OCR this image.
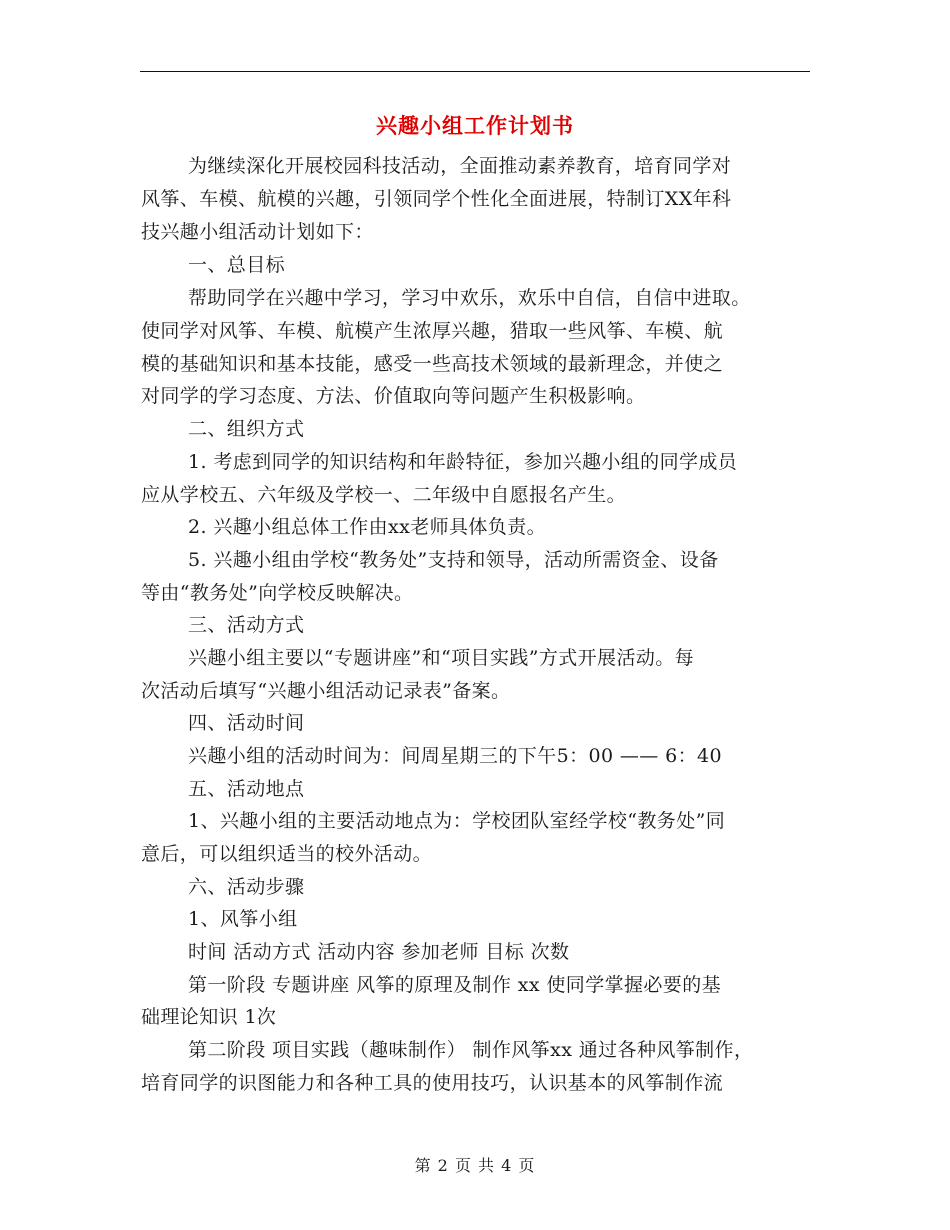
兴趣小组工作计划书
为继续深化开展校园科技活动，全面推动素养教育，培育同学对
风筝、车模、航模的兴趣，引领同学个性化全面进展，特制订XX年科
技兴趣小组活动计划如下：
一、总目标
帮助同学在兴趣中学习，学习中欢乐，欢乐中自信，自信中进取。
使同学对风筝、车模、航模产生浓厚兴趣，猎取一些风筝、车模、航
模的基础知识和基本技能，感受一些高技术领域的最新理念，并使之
对同学的学习态度、方法、价值取向等问题产生积极影响。
二、组织方式
1. 考虑到同学的知识结构和年龄特征，参加兴趣小组的同学成员
应从学校五、六年级及学校一、二年级中自愿报名产生。
2. 兴趣小组总体工作由xx老师具体负责。
5. 兴趣小组由学校“教务处”支持和领导，活动所需资金、设备
等由“教务处”向学校反映解决。
三、活动方式
兴趣小组主要以“专题讲座”和“项目实践”方式开展活动。每
次活动后填写“兴趣小组活动记录表”备案。
四、活动时间
兴趣小组的活动时间为：间周星期三的下午5：00 —— 6：40
五、活动地点
1、兴趣小组的主要活动地点为：学校团队室经学校“教务处”同
意后，可以组织适当的校外活动。
六、活动步骤
1、风筝小组
时间 活动方式 活动内容 参加老师 目标 次数
第一阶段 专题讲座 风筝的原理及制作 xx 使同学掌握必要的基
础理论知识 1次
第二阶段 项目实践（趣味制作） 制作风筝xx 通过各种风筝制作，
培育同学的识图能力和各种工具的使用技巧，认识基本的风筝制作流
第 2 页 共 4 页
